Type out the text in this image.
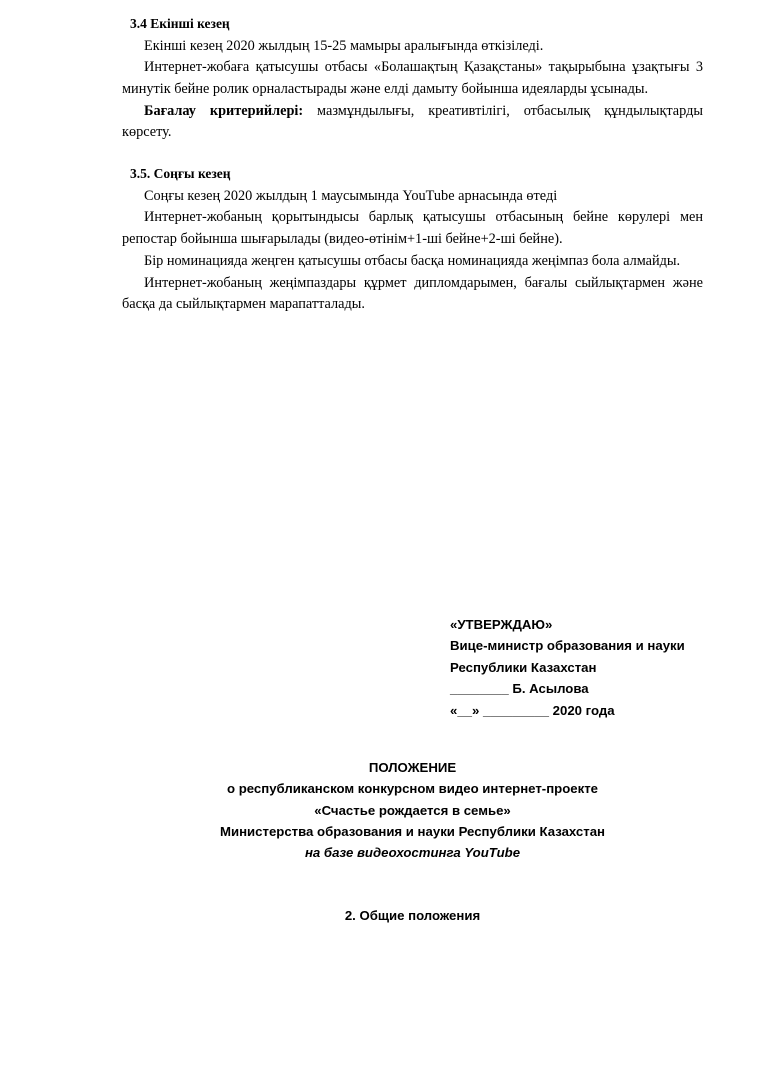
3.4 Екінші кезең

Екінші кезең 2020 жылдың 15-25 мамыры аралығында өткізіледі.

Интернет-жобаға қатысушы отбасы «Болашақтың Қазақстаны» тақырыбына ұзақтығы 3 минутік бейне ролик орналастырады және елді дамыту бойынша идеяларды ұсынады.

Бағалау критерийлері: мазмұндылығы, креативтілігі, отбасылық құндылықтарды көрсету.

3.5. Соңғы кезең

Соңғы кезең 2020 жылдың 1 маусымында YouTube арнасында өтеді

Интернет-жобаның қорытындысы барлық қатысушы отбасының бейне көрулері мен репостар бойынша шығарылады (видео-өтінім+1-ші бейне+2-ші бейне).

Бір номинацияда жеңген қатысушы отбасы басқа номинацияда жеңімпаз бола алмайды.

Интернет-жобаның жеңімпаздары құрмет дипломдарымен, бағалы сыйлықтармен және басқа да сыйлықтармен марапатталады.

«УТВЕРЖДАЮ»
Вице-министр образования и науки
Республики Казахстан
________ Б. Асылова
«__» _________ 2020 года
ПОЛОЖЕНИЕ
о республиканском конкурсном видео интернет-проекте
«Счастье рождается в семье»
Министерства образования и науки Республики Казахстан
на базе видеохостинга YouTube
2. Общие положения
